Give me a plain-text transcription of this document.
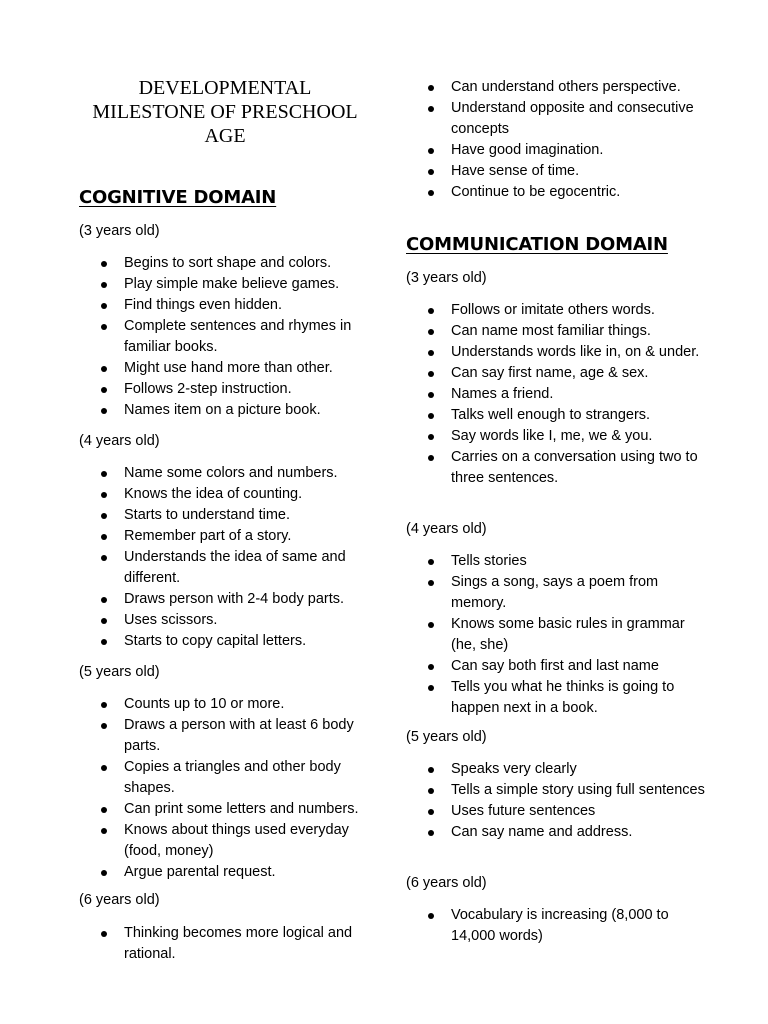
DEVELOPMENTAL
MILESTONE OF PRESCHOOL
AGE
COGNITIVE DOMAIN
(3 years old)
Begins to sort shape and colors.
Play simple make believe games.
Find things even hidden.
Complete sentences and rhymes in familiar books.
Might use hand more than other.
Follows 2-step instruction.
Names item on a picture book.
(4 years old)
Name some colors and numbers.
Knows the idea of counting.
Starts to understand time.
Remember part of a story.
Understands the idea of same and different.
Draws person with 2-4 body parts.
Uses scissors.
Starts to copy capital letters.
(5 years old)
Counts up to 10 or more.
Draws a person with at least 6 body parts.
Copies a triangles and other body shapes.
Can print some letters and numbers.
Knows about things used everyday (food, money)
Argue parental request.
(6 years old)
Thinking becomes more logical and rational.
Can understand others perspective.
Understand opposite and consecutive concepts
Have good imagination.
Have sense of time.
Continue to be egocentric.
COMMUNICATION DOMAIN
(3 years old)
Follows or imitate others words.
Can name most familiar things.
Understands words like in, on & under.
Can say first name, age & sex.
Names a friend.
Talks well enough to strangers.
Say words like I, me, we & you.
Carries on a conversation using two to three sentences.
(4 years old)
Tells stories
Sings a song, says a poem from memory.
Knows some basic rules in grammar (he, she)
Can say both first and last name
Tells you what he thinks is going to happen next in a book.
(5 years old)
Speaks very clearly
Tells a simple story using full sentences
Uses future sentences
Can say name and address.
(6 years old)
Vocabulary is increasing (8,000 to 14,000 words)
